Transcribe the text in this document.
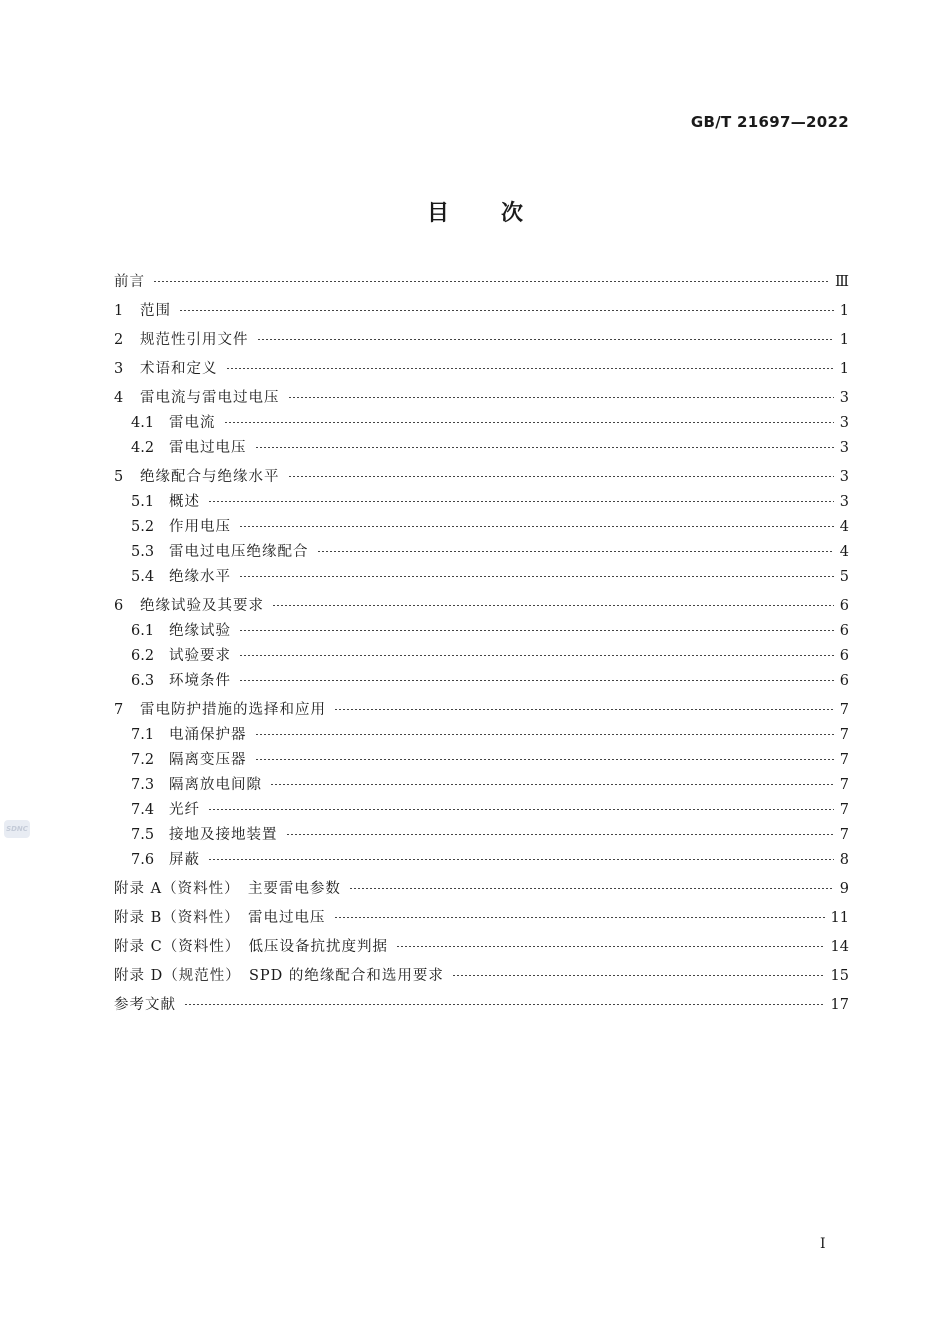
GB/T 21697—2022
目次
前言	Ⅲ
1	范围	1
2	规范性引用文件	1
3	术语和定义	1
4	雷电流与雷电过电压	3
4.1	雷电流	3
4.2	雷电过电压	3
5	绝缘配合与绝缘水平	3
5.1	概述	3
5.2	作用电压	4
5.3	雷电过电压绝缘配合	4
5.4	绝缘水平	5
6	绝缘试验及其要求	6
6.1	绝缘试验	6
6.2	试验要求	6
6.3	环境条件	6
7	雷电防护措施的选择和应用	7
7.1	电涌保护器	7
7.2	隔离变压器	7
7.3	隔离放电间隙	7
7.4	光纤	7
7.5	接地及接地装置	7
7.6	屏蔽	8
附录 A（资料性）　主要雷电参数	9
附录 B（资料性）　雷电过电压	11
附录 C（资料性）　低压设备抗扰度判据	14
附录 D（规范性）　SPD 的绝缘配合和选用要求	15
参考文献	17
I
SDNC
